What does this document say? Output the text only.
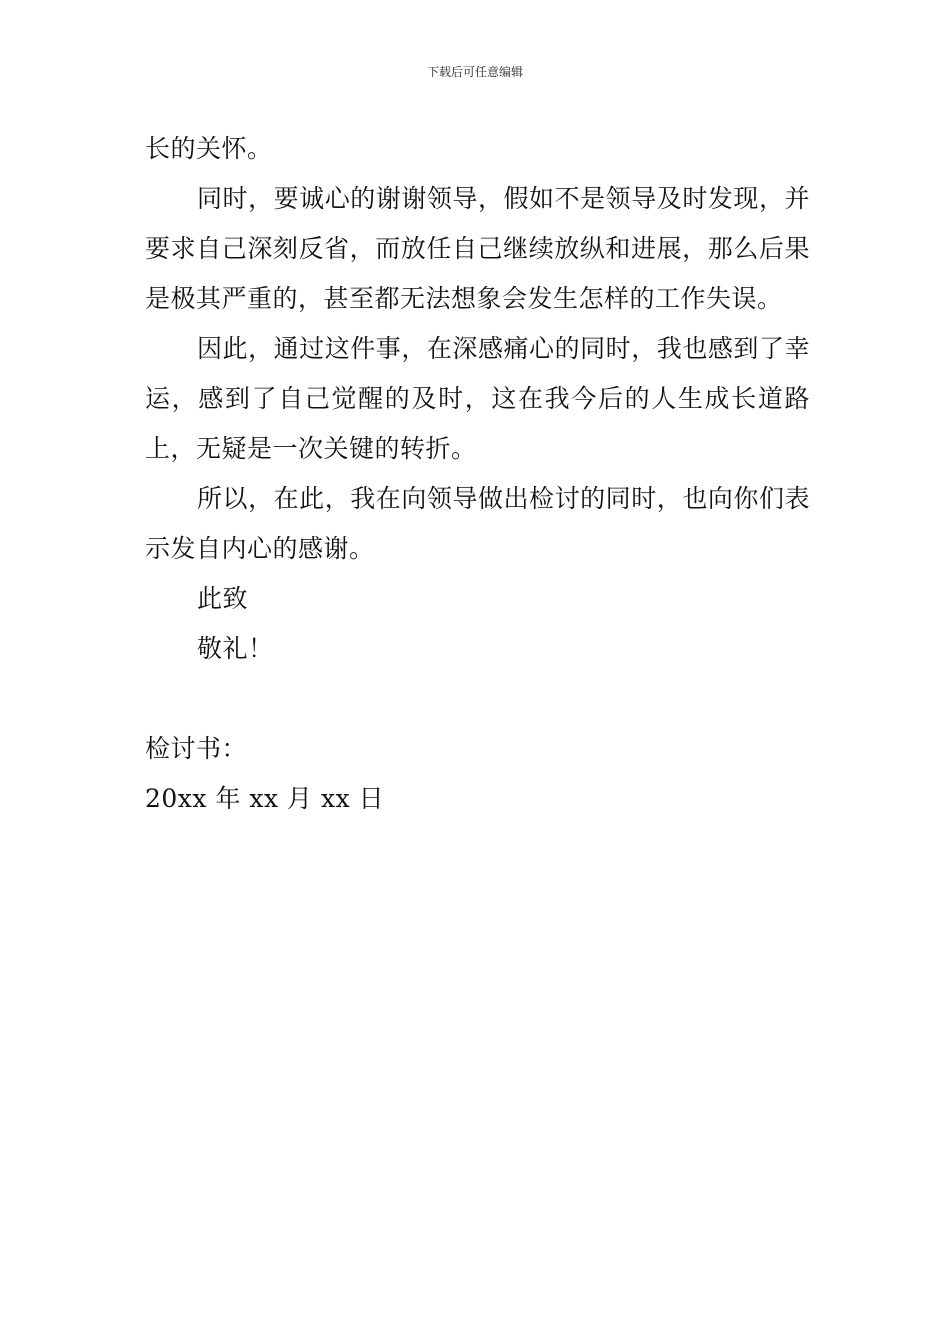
下载后可任意编辑

长的关怀。

同时，要诚心的谢谢领导，假如不是领导及时发现，并要求自己深刻反省，而放任自己继续放纵和进展，那么后果是极其严重的，甚至都无法想象会发生怎样的工作失误。

因此，通过这件事，在深感痛心的同时，我也感到了幸运，感到了自己觉醒的及时，这在我今后的人生成长道路上，无疑是一次关键的转折。

所以，在此，我在向领导做出检讨的同时，也向你们表示发自内心的感谢。

此致

敬礼！

检讨书：

20xx 年 xx 月 xx 日
